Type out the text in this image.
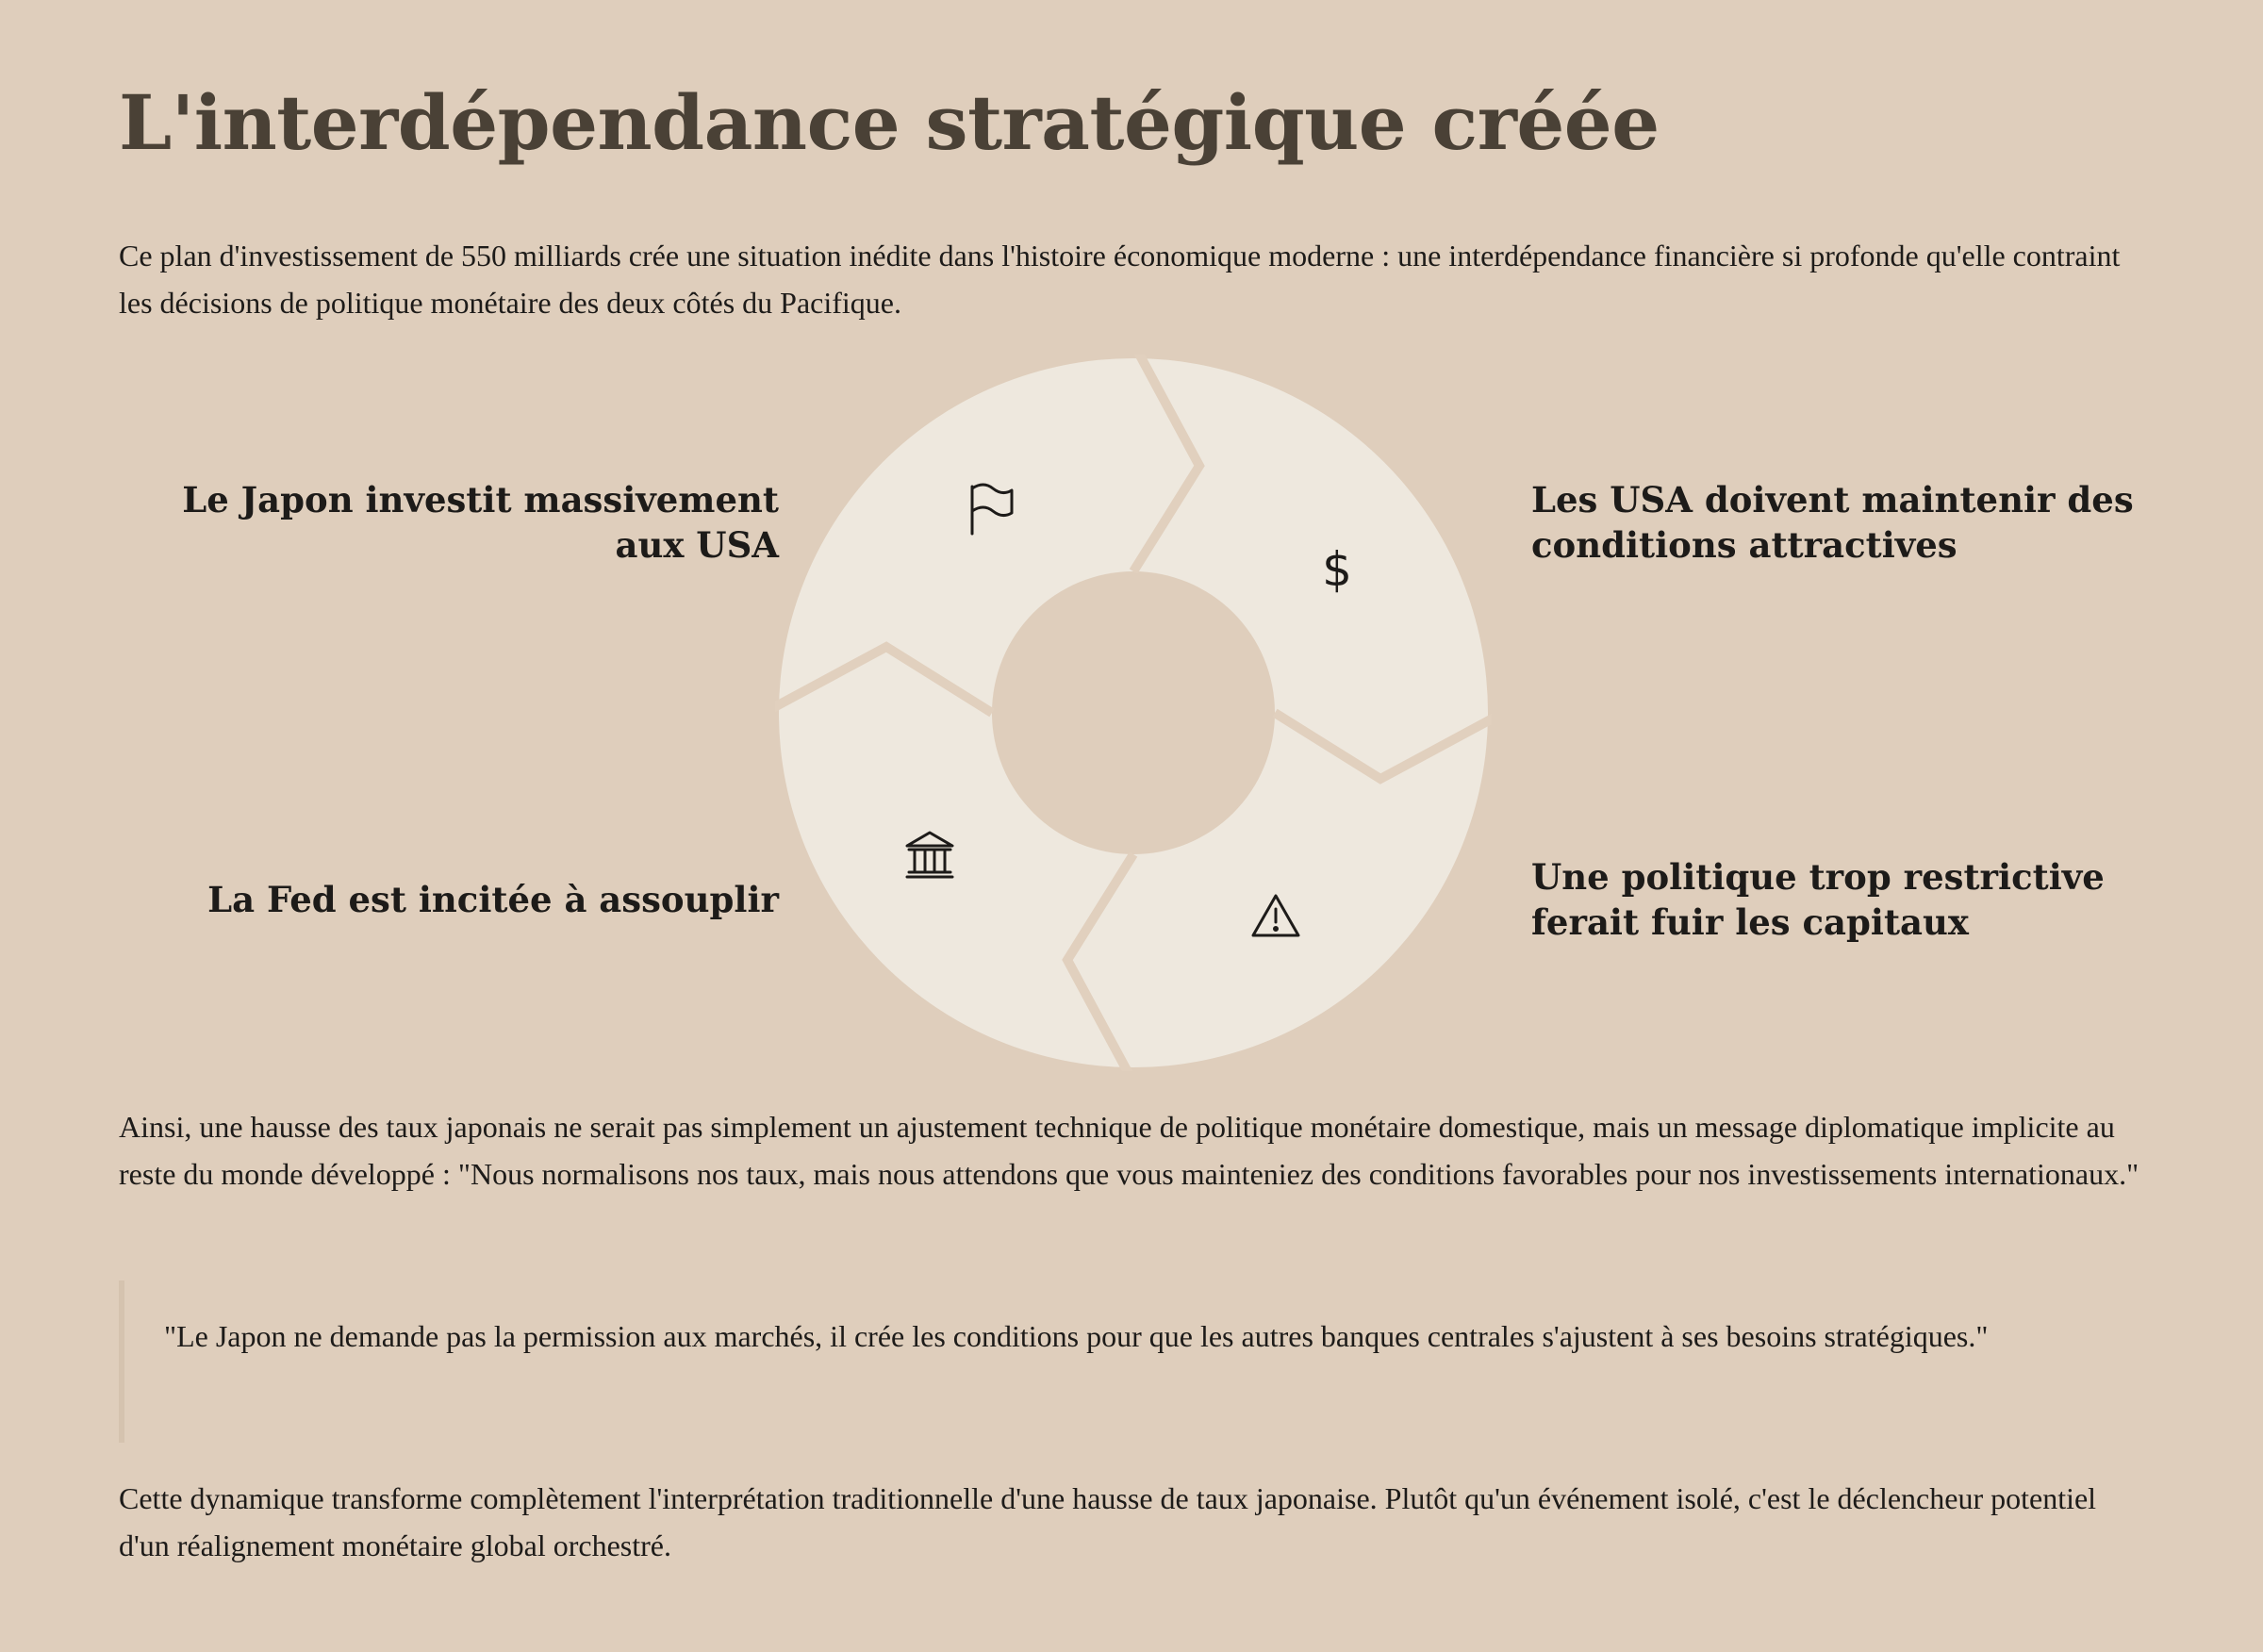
L'interdépendance stratégique créée

Ce plan d'investissement de 550 milliards crée une situation inédite dans l'histoire économique moderne : une interdépendance financière si profonde qu'elle contraint les décisions de politique monétaire des deux côtés du Pacifique.

Le Japon investit massivement aux USA
Les USA doivent maintenir des conditions attractives
La Fed est incitée à assouplir
Une politique trop restrictive ferait fuir les capitaux
$

Ainsi, une hausse des taux japonais ne serait pas simplement un ajustement technique de politique monétaire domestique, mais un message diplomatique implicite au reste du monde développé : "Nous normalisons nos taux, mais nous attendons que vous mainteniez des conditions favorables pour nos investissements internationaux."

"Le Japon ne demande pas la permission aux marchés, il crée les conditions pour que les autres banques centrales s'ajustent à ses besoins stratégiques."

Cette dynamique transforme complètement l'interprétation traditionnelle d'une hausse de taux japonaise. Plutôt qu'un événement isolé, c'est le déclencheur potentiel d'un réalignement monétaire global orchestré.
